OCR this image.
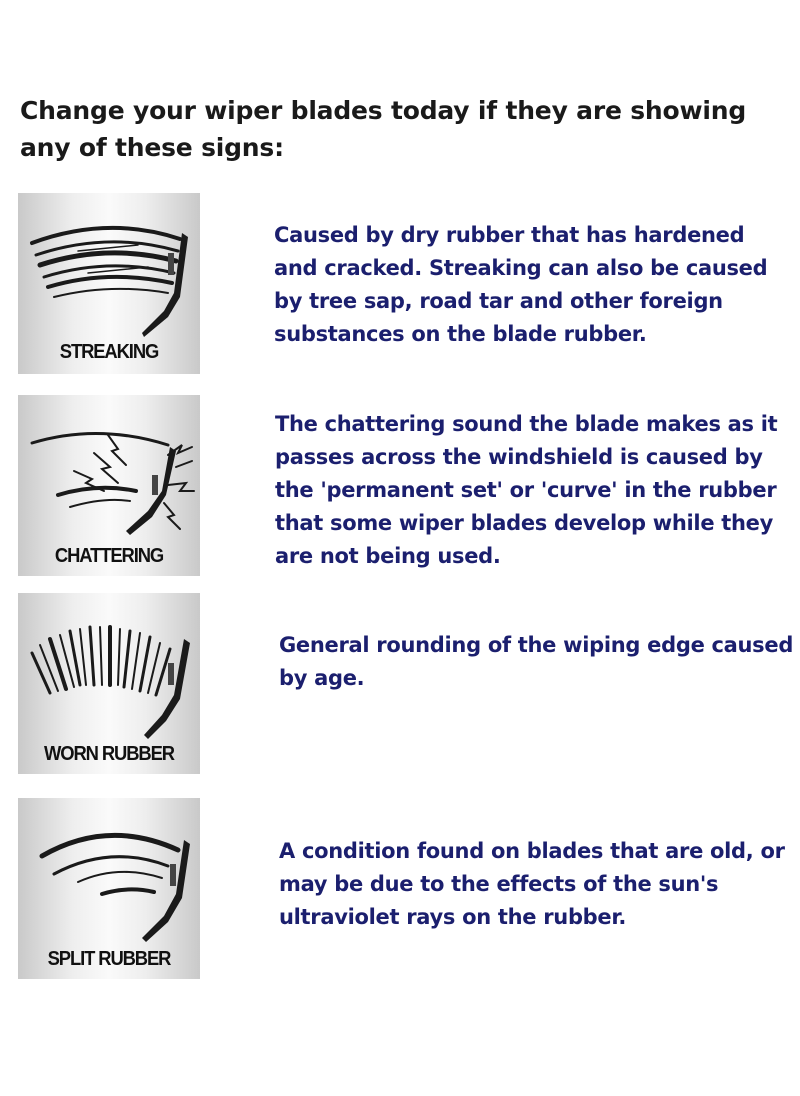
Change your wiper blades today if they are showing any of these signs:
STREAKING
Caused by dry rubber that has hardened and cracked. Streaking can also be caused by tree sap, road tar and other foreign substances on the blade rubber.
CHATTERING
The chattering sound the blade makes as it passes across the windshield is caused by the 'permanent set' or 'curve' in the rubber that some wiper blades develop while they are not being used.
WORN RUBBER
General rounding of the wiping edge caused by age.
SPLIT RUBBER
A condition found on blades that are old, or may be due to the effects of the sun's ultraviolet rays on the rubber.
